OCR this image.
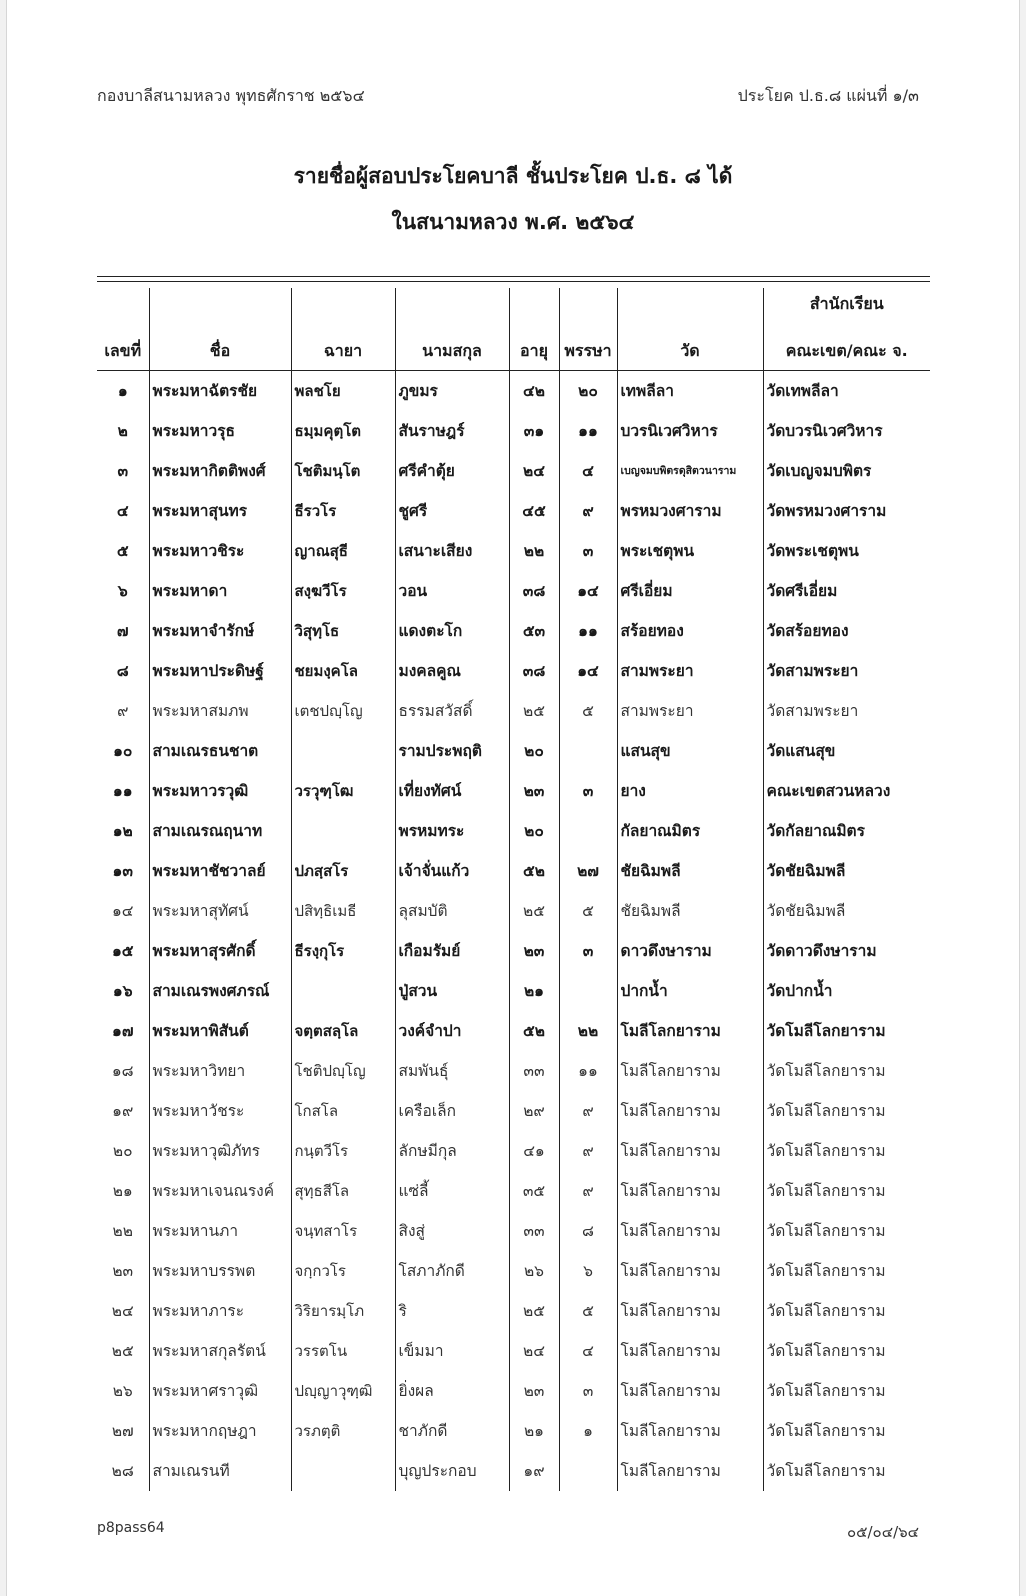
กองบาลีสนามหลวง พุทธศักราช ๒๕๖๔	ประโยค ป.ธ.๘ แผ่นที่ ๑/๓
รายชื่อผู้สอบประโยคบาลี ชั้นประโยค ป.ธ. ๘ ได้
ในสนามหลวง พ.ศ. ๒๕๖๔
เลขที่	ชื่อ	ฉายา	นามสกุล	อายุ	พรรษา	วัด	สำนักเรียน
คณะเขต/คณะ จ.

๑	พระมหาฉัตรชัย	พลชโย	ภูขมร	๔๒	๒๐	เทพลีลา	วัดเทพลีลา
๒	พระมหาวรุธ	ธมฺมคุตฺโต	สันราษฎร์	๓๑	๑๑	บวรนิเวศวิหาร	วัดบวรนิเวศวิหาร
๓	พระมหากิตติพงศ์	โชติมนฺโต	ศรีคำตุ้ย	๒๔	๔	เบญจมบพิตรดุสิตวนาราม	วัดเบญจมบพิตร
๔	พระมหาสุนทร	ธีรวโร	ชูศรี	๔๕	๙	พรหมวงศาราม	วัดพรหมวงศาราม
๕	พระมหาวชิระ	ญาณสุธี	เสนาะเสียง	๒๒	๓	พระเชตุพน	วัดพระเชตุพน
๖	พระมหาดา	สงฺฆวีโร	วอน	๓๘	๑๔	ศรีเอี่ยม	วัดศรีเอี่ยม
๗	พระมหาจำรักษ์	วิสุทฺโธ	แดงตะโก	๕๓	๑๑	สร้อยทอง	วัดสร้อยทอง
๘	พระมหาประดิษฐ์	ชยมงฺคโล	มงคลคูณ	๓๘	๑๔	สามพระยา	วัดสามพระยา
๙	พระมหาสมภพ	เตชปญฺโญ	ธรรมสวัสดิ์	๒๕	๕	สามพระยา	วัดสามพระยา
๑๐	สามเณรธนชาต		รามประพฤติ	๒๐		แสนสุข	วัดแสนสุข
๑๑	พระมหาวรวุฒิ	วรวุฑฺโฒ	เที่ยงทัศน์	๒๓	๓	ยาง	คณะเขตสวนหลวง
๑๒	สามเณรณฤนาท		พรหมทระ	๒๐		กัลยาณมิตร	วัดกัลยาณมิตร
๑๓	พระมหาชัชวาลย์	ปภสฺสโร	เจ้าจั่นแก้ว	๕๒	๒๗	ชัยฉิมพลี	วัดชัยฉิมพลี
๑๔	พระมหาสุทัศน์	ปสิทฺธิเมธี	ลุสมบัติ	๒๕	๕	ชัยฉิมพลี	วัดชัยฉิมพลี
๑๕	พระมหาสุรศักดิ์	ธีรงฺกุโร	เกือมรัมย์	๒๓	๓	ดาวดึงษาราม	วัดดาวดึงษาราม
๑๖	สามเณรพงศภรณ์		ปู่สวน	๒๑		ปากน้ำ	วัดปากน้ำ
๑๗	พระมหาพิสันต์	จตฺตสลฺโล	วงค์จำปา	๕๒	๒๒	โมลีโลกยาราม	วัดโมลีโลกยาราม
๑๘	พระมหาวิทยา	โชติปญฺโญ	สมพันธุ์	๓๓	๑๑	โมลีโลกยาราม	วัดโมลีโลกยาราม
๑๙	พระมหาวัชระ	โกสโล	เครือเล็ก	๒๙	๙	โมลีโลกยาราม	วัดโมลีโลกยาราม
๒๐	พระมหาวุฒิภัทร	กนฺตวีโร	ลักษมีกุล	๔๑	๙	โมลีโลกยาราม	วัดโมลีโลกยาราม
๒๑	พระมหาเจนณรงค์	สุทฺธสีโล	แซ่ลี้	๓๕	๙	โมลีโลกยาราม	วัดโมลีโลกยาราม
๒๒	พระมหานภา	จนฺทสาโร	สิงสู่	๓๓	๘	โมลีโลกยาราม	วัดโมลีโลกยาราม
๒๓	พระมหาบรรพต	จกฺกวโร	โสภาภักดี	๒๖	๖	โมลีโลกยาราม	วัดโมลีโลกยาราม
๒๔	พระมหาภาระ	วิริยารมฺโภ	ริ	๒๕	๕	โมลีโลกยาราม	วัดโมลีโลกยาราม
๒๕	พระมหาสกุลรัตน์	วรรตโน	เข็มมา	๒๔	๔	โมลีโลกยาราม	วัดโมลีโลกยาราม
๒๖	พระมหาศราวุฒิ	ปญฺญาวุฑฺฒิ	ยิ่งผล	๒๓	๓	โมลีโลกยาราม	วัดโมลีโลกยาราม
๒๗	พระมหากฤษฎา	วรภตฺติ	ชาภักดี	๒๑	๑	โมลีโลกยาราม	วัดโมลีโลกยาราม
๒๘	สามเณรนที		บุญประกอบ	๑๙		โมลีโลกยาราม	วัดโมลีโลกยาราม
p8pass64	๐๕/๐๔/๖๔
